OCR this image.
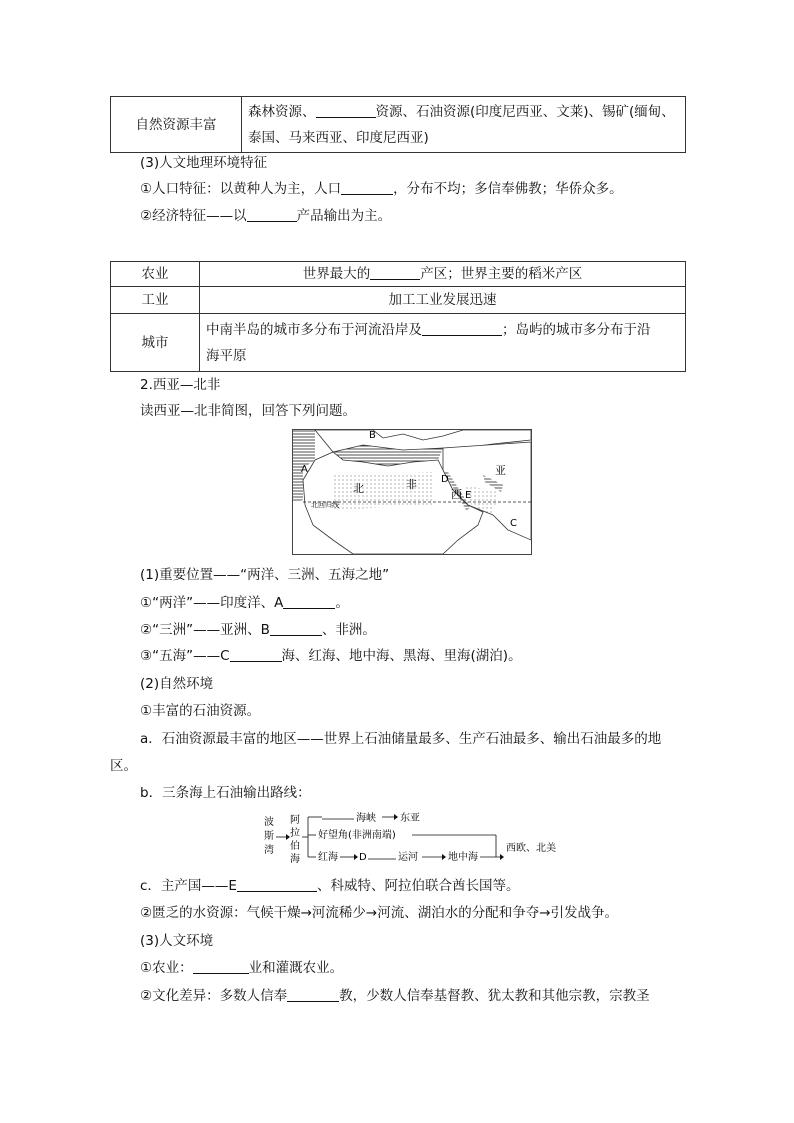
自然资源丰富	森林资源、	资源、石油资源(印度尼西亚、文莱)、锡矿(缅甸、
泰国、马来西亚、印度尼西亚)
(3)人文地理环境特征
①人口特征：以黄种人为主，人口	，分布不均；多信奉佛教；华侨众多。
②经济特征——以	产品输出为主。
农业	世界最大的 产区；世界主要的稻米产区
工业	加工工业发展迅速
城市	中南半岛的城市多分布于河流沿岸及 ；岛屿的城市多分布于沿
海平原
2.西亚—北非
读西亚—北非简图，回答下列问题。
B
A
C
D
E
北	非
西
亚
北回归线
(1)重要位置——“两洋、三洲、五海之地”
①“两洋”——印度洋、A	。
②“三洲”——亚洲、B	、非洲。
③“五海”——C	海、红海、地中海、黑海、里海(湖泊)。
(2)自然环境
①丰富的石油资源。
a．石油资源最丰富的地区——世界上石油储量最多、生产石油最多、输出石油最多的地
区。
b．三条海上石油输出路线：
波
斯
湾
阿
拉
伯
海
海峡 东亚
好望角(非洲南端)
红海 D	运河	地中海
西欧、北美
c．主产国——E	、科威特、阿拉伯联合酋长国等。
②匮乏的水资源：气候干燥→河流稀少→河流、湖泊水的分配和争夺→引发战争。
(3)人文环境
①农业：	业和灌溉农业。
②文化差异：多数人信奉	教，少数人信奉基督教、犹太教和其他宗教，宗教圣
